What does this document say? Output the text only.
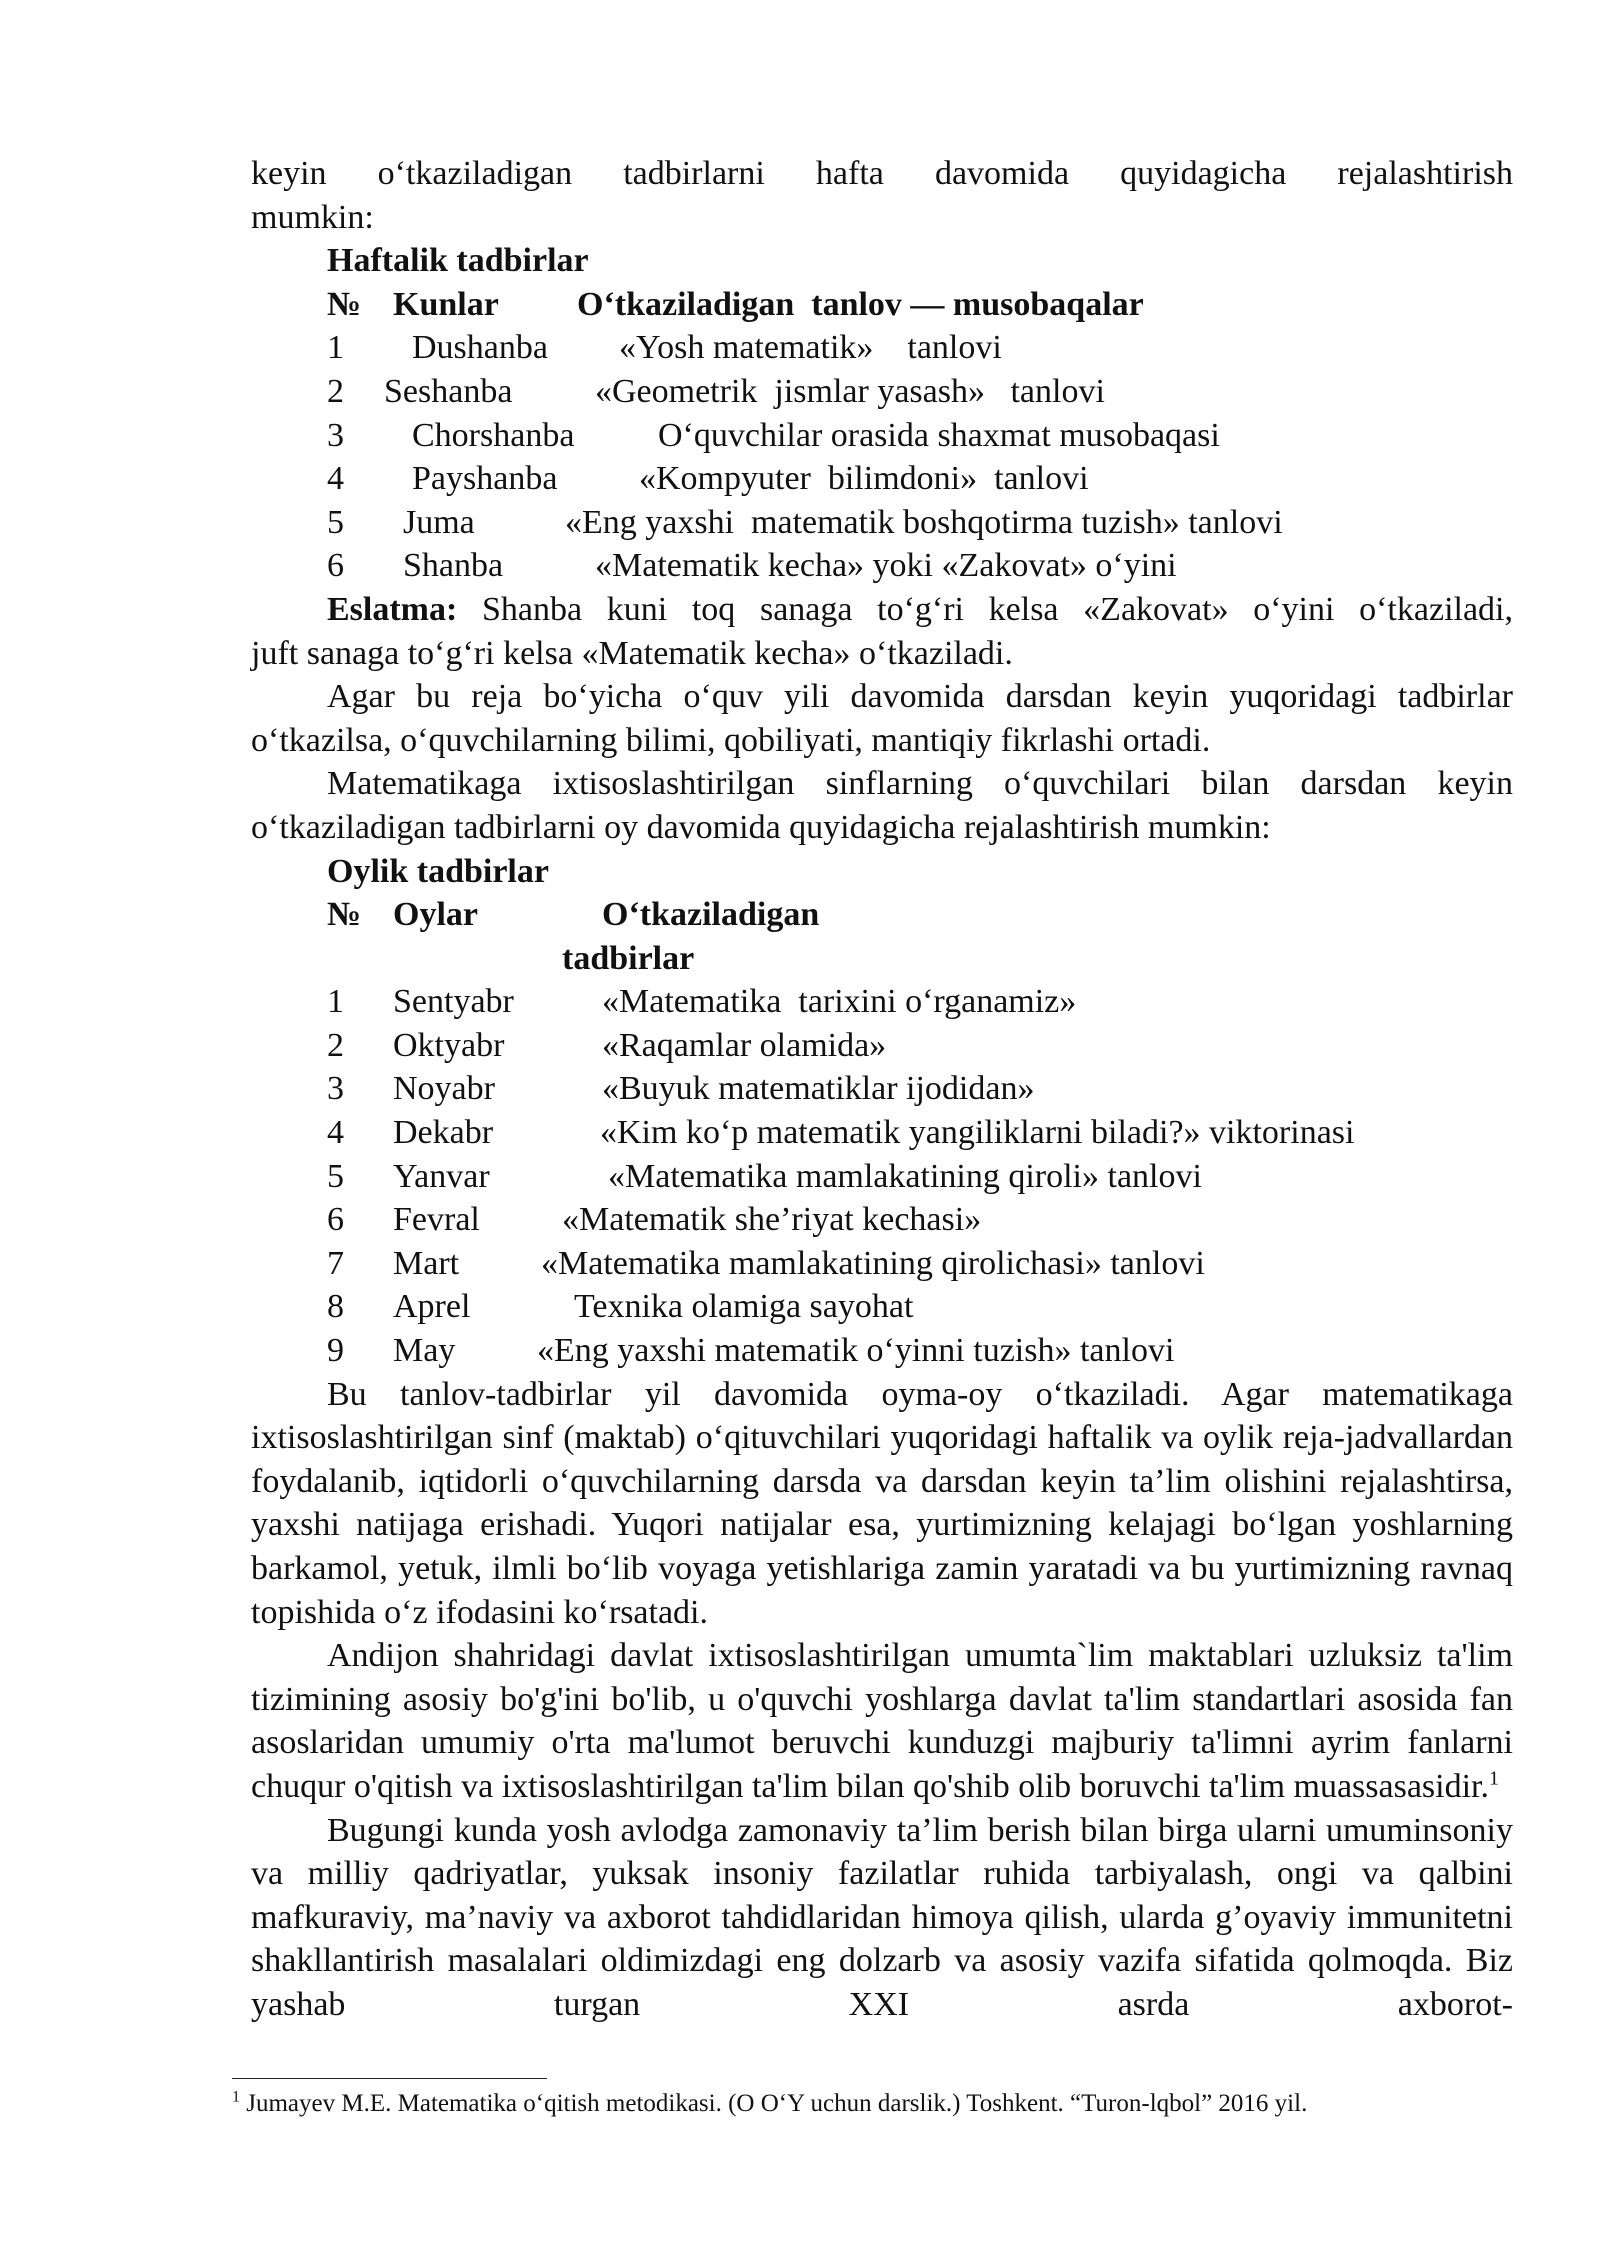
keyin o‘tkaziladigan tadbirlarni hafta davomida quyidagicha rejalashtirish

mumkin:

Haftalik tadbirlar

№ Kunlar O‘tkaziladigan  tanlov — musobaqalar
1 Dushanba «Yosh matematik»    tanlovi
2 Seshanba «Geometrik  jismlar yasash»   tanlovi
3 Chorshanba O‘quvchilar orasida shaxmat musobaqasi
4 Payshanba «Kompyuter  bilimdoni»  tanlovi
5 Juma	«Eng yaxshi  matematik boshqotirma tuzish» tanlovi
6 Shanba	«Matematik kecha» yoki «Zakovat» o‘yini

Eslatma: Shanba kuni toq sanaga to‘g‘ri kelsa «Zakovat» o‘yini o‘tkaziladi,

juft sanaga to‘g‘ri kelsa «Matematik kecha» o‘tkaziladi.

Agar bu reja bo‘yicha o‘quv yili davomida darsdan keyin yuqoridagi tadbirlar o‘tkazilsa, o‘quvchilarning bilimi, qobiliyati, mantiqiy fikrlashi ortadi.

Matematikaga ixtisoslashtirilgan sinflarning o‘quvchilari bilan darsdan keyin o‘tkaziladigan tadbirlarni oy davomida quyidagicha rejalashtirish mumkin:

Oylik tadbirlar

№ Oylar	O‘tkaziladigan
tadbirlar
1 Sentyabr	«Matematika  tarixini o‘rganamiz»
2 Oktyabr	«Raqamlar olamida»
3 Noyabr	«Buyuk matematiklar ijodidan»
4 Dekabr	«Kim ko‘p matematik yangiliklarni biladi?» viktorinasi
5 Yanvar	«Matematika mamlakatining qiroli» tanlovi
6 Fevral «Matematik she’riyat kechasi»
7 Mart «Matematika mamlakatining qirolichasi» tanlovi
8 Aprel	Texnika olamiga sayohat
9 May «Eng yaxshi matematik o‘yinni tuzish» tanlovi

Bu tanlov-tadbirlar yil davomida oyma-oy o‘tkaziladi. Agar matematikaga ixtisoslashtirilgan sinf (maktab) o‘qituvchilari yuqoridagi haftalik va oylik reja-jadvallardan foydalanib, iqtidorli o‘quvchilarning darsda va darsdan keyin ta’lim olishini rejalashtirsa, yaxshi natijaga erishadi. Yuqori natijalar esa, yurtimizning kelajagi bo‘lgan yoshlarning barkamol, yetuk, ilmli bo‘lib voyaga yetishlariga zamin yaratadi va bu yurtimizning ravnaq topishida o‘z ifodasini ko‘rsatadi.

Andijon shahridagi davlat ixtisoslashtirilgan umumta`lim maktablari uzluksiz ta'lim tizimining asosiy bo'g'ini bo'lib, u o'quvchi yoshlarga davlat ta'lim standartlari asosida fan asoslaridan umumiy o'rta ma'lumot beruvchi kunduzgi majburiy ta'limni ayrim fanlarni chuqur o'qitish va ixtisoslashtirilgan ta'lim bilan qo'shib olib boruvchi ta'lim muassasasidir.$^1$

Bugungi kunda yosh avlodga zamonaviy ta’lim berish bilan birga ularni umuminsoniy va milliy qadriyatlar, yuksak insoniy fazilatlar ruhida tarbiyalash, ongi va qalbini mafkuraviy, ma’naviy va axborot tahdidlaridan himoya qilish, ularda g’oyaviy immunitetni shakllantirish masalalari oldimizdagi eng dolzarb va asosiy vazifa sifatida qolmoqda. Biz yashab turgan XXI asrda axborot-

$^1$ Jumayev M.E. Matematika o‘qitish metodikasi. (O O‘Y uchun darslik.) Toshkent. “Turon-lqbol” 2016 yil.
